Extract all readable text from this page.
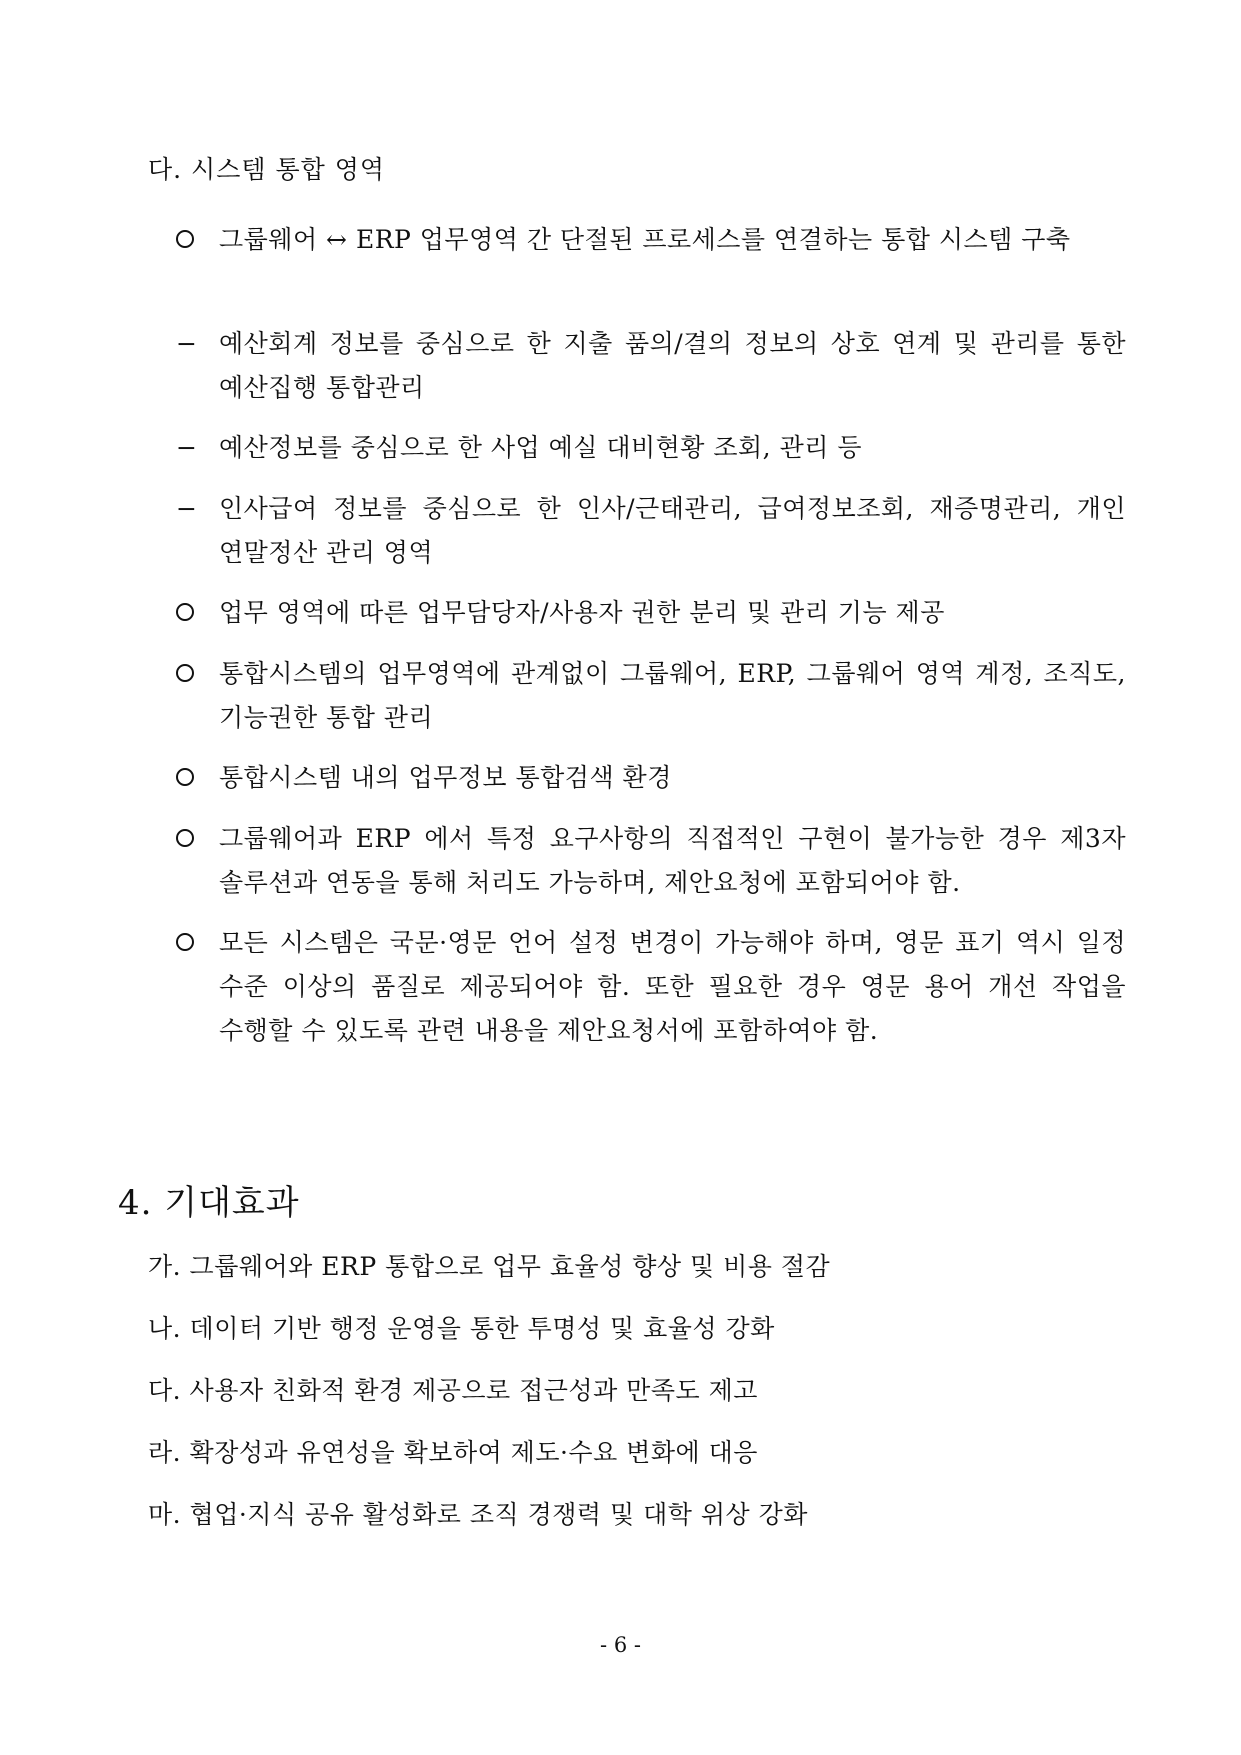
다. 시스템 통합 영역
그룹웨어 ↔ ERP 업무영역 간 단절된 프로세스를 연결하는 통합 시스템 구축
− 예산회계 정보를 중심으로 한 지출 품의/결의 정보의 상호 연계 및 관리를 통한 예산집행 통합관리
− 예산정보를 중심으로 한 사업 예실 대비현황 조회, 관리 등
− 인사급여 정보를 중심으로 한 인사/근태관리, 급여정보조회, 재증명관리, 개인 연말정산 관리 영역
업무 영역에 따른 업무담당자/사용자 권한 분리 및 관리 기능 제공
통합시스템의 업무영역에 관계없이 그룹웨어, ERP, 그룹웨어 영역 계정, 조직도, 기능권한 통합 관리
통합시스템 내의 업무정보 통합검색 환경
그룹웨어과 ERP 에서 특정 요구사항의 직접적인 구현이 불가능한 경우 제3자 솔루션과 연동을 통해 처리도 가능하며, 제안요청에 포함되어야 함.
모든 시스템은 국문·영문 언어 설정 변경이 가능해야 하며, 영문 표기 역시 일정 수준 이상의 품질로 제공되어야 함. 또한 필요한 경우 영문 용어 개선 작업을 수행할 수 있도록 관련 내용을 제안요청서에 포함하여야 함.
4. 기대효과
가. 그룹웨어와 ERP 통합으로 업무 효율성 향상 및 비용 절감
나. 데이터 기반 행정 운영을 통한 투명성 및 효율성 강화
다. 사용자 친화적 환경 제공으로 접근성과 만족도 제고
라. 확장성과 유연성을 확보하여 제도·수요 변화에 대응
마. 협업·지식 공유 활성화로 조직 경쟁력 및 대학 위상 강화
- 6 -
